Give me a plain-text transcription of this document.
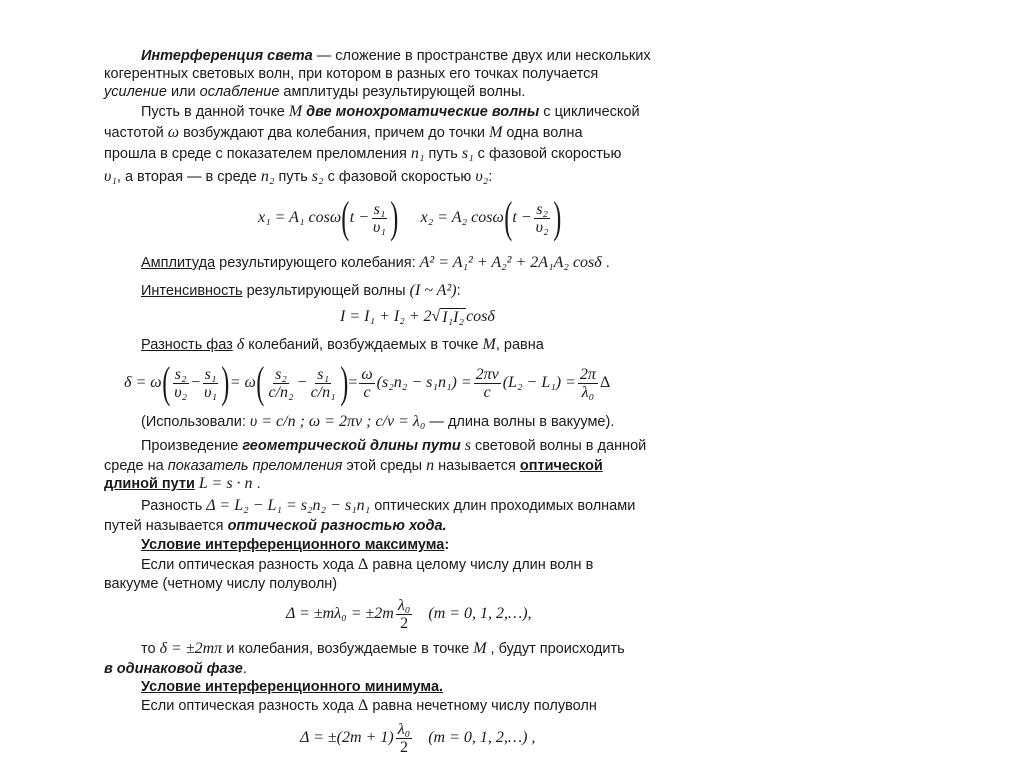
Интерференция света — сложение в пространстве двух или нескольких
когерентных световых волн, при котором в разных его точках получается
усиление или ослабление амплитуды результирующей волны.
Пусть в данной точке M две монохроматические волны с циклической
частотой ω возбуждают два колебания, причем до точки M одна волна
прошла в среде с показателем преломления n₁ путь s₁ с фазовой скоростью
υ₁, а вторая — в среде n₂ путь s₂ с фазовой скоростью υ₂:
x₁ = A₁ cosω ( $t - \frac{\text{s₁}}{\text{υ₁}}$ ) x₂ = A₂ cosω ( $t - \frac{\text{s₂}}{\text{υ₂}}$ )
Амплитуда результирующего колебания: A² = A₁² + A₂² + 2A₁A₂ cosδ .
Интенсивность результирующей волны (I ~ A²):
I = I₁ + I₂ + 2 √ I₁I₂ cosδ
Разность фаз δ колебаний, возбуждаемых в точке M, равна
δ = ω ( $\frac{\text{s₂}}{\text{υ₂}} - \frac{\text{s₁}}{\text{υ₁}}$ ) = ω ( $\frac{\text{s₂}}{\text{c/n₂}} - \frac{\text{s₁}}{\text{c/n₁}}$ ) = $\frac{\omega}{c} (s_2n_2 - s_1n_1) = \frac{2\pi\nu}{c} (L_2 - L_1) = \frac{2\pi}{\text{λ₀}}$ Δ
(Использовали: υ = c/n ; ω = 2πν ; c/ν = λ₀ — длина волны в вакууме).
Произведение геометрической длины пути s световой волны в данной
среде на показатель преломления этой среды n называется оптической
длиной пути L = s · n .
Разность Δ = L₂ − L₁ = s₂n₂ − s₁n₁ оптических длин проходимых волнами
путей называется оптической разностью хода.
Условие интерференционного максимума:
Если оптическая разность хода Δ равна целому числу длин волн в
вакууме (четному числу полуволн)
$\Delta = \pm m\lambda_0 = \pm 2m \frac{\text{λ₀}}{2} (m = 0$, 1, 2,…),
то δ = ±2mπ и колебания, возбуждаемые в точке M , будут происходить
в одинаковой фазе.
Условие интерференционного минимума.
Если оптическая разность хода Δ равна нечетному числу полуволн
$\Delta = \pm(2m + 1) \frac{\text{λ₀}}{2} (m = 0$, 1, 2,…) ,
